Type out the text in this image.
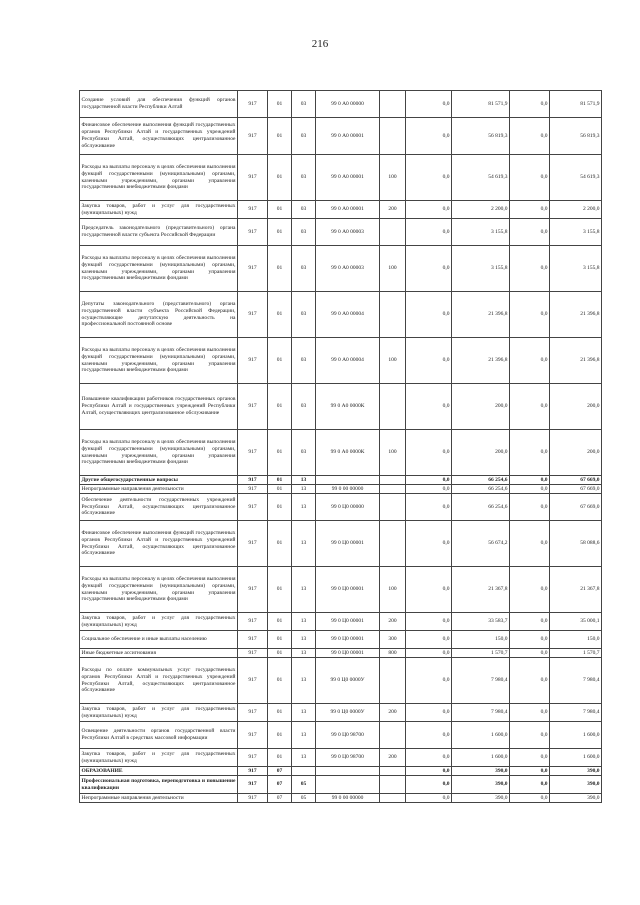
216
Создание условий для обеспечения функций органов государственной власти Республики Алтай	917	01	03	99 0 А0 00000		0,0	81 571,9	0,0	81 571,9
Финансовое обеспечение выполнения функций государственных органов Республики Алтай и государственных учреждений Республики Алтай, осуществляющих централизованное обслуживание	917	01	03	99 0 А0 00001		0,0	56 819,3	0,0	56 819,3
Расходы на выплаты персоналу в целях обеспечения выполнения функций государственными (муниципальными) органами, казенными учреждениями, органами управления государственными внебюджетными фондами	917	01	03	99 0 А0 00001	100	0,0	54 619,3	0,0	54 619,3
Закупка товаров, работ и услуг для государственных (муниципальных) нужд	917	01	03	99 0 А0 00001	200	0,0	2 200,0	0,0	2 200,0
Председатель законодательного (представительного) органа государственной власти субъекта Российской Федерации	917	01	03	99 0 А0 00003		0,0	3 155,8	0,0	3 155,8
Расходы на выплаты персоналу в целях обеспечения выполнения функций государственными (муниципальными) органами, казенными учреждениями, органами управления государственными внебюджетными фондами	917	01	03	99 0 А0 00003	100	0,0	3 155,8	0,0	3 155,8
Депутаты законодательного (представительного) органа государственной власти субъекта Российской Федерации, осуществляющие депутатскую деятельность на профессиональной постоянной основе	917	01	03	99 0 А0 00004		0,0	21 396,8	0,0	21 396,8
Расходы на выплаты персоналу в целях обеспечения выполнения функций государственными (муниципальными) органами, казенными учреждениями, органами управления государственными внебюджетными фондами	917	01	03	99 0 А0 00004	100	0,0	21 396,8	0,0	21 396,8
Повышение квалификации работников государственных органов Республики Алтай и государственных учреждений Республики Алтай, осуществляющих централизованное обслуживание	917	01	03	99 0 А0 0000К		0,0	200,0	0,0	200,0
Расходы на выплаты персоналу в целях обеспечения выполнения функций государственными (муниципальными) органами, казенными учреждениями, органами управления государственными внебюджетными фондами	917	01	03	99 0 А0 0000К	100	0,0	200,0	0,0	200,0
Другие общегосударственные вопросы	917	01	13			0,0	66 254,6	0,0	67 669,0
Непрограммные направления деятельности	917	01	13	99 0 00 00000		0,0	66 254,6	0,0	67 669,0
Обеспечение деятельности государственных учреждений Республики Алтай, осуществляющих централизованное обслуживание	917	01	13	99 0 Ц0 00000		0,0	66 254,6	0,0	67 669,0
Финансовое обеспечение выполнения функций государственных органов Республики Алтай и государственных учреждений Республики Алтай, осуществляющих централизованное обслуживание	917	01	13	99 0 Ц0 00001		0,0	56 674,2	0,0	58 088,6
Расходы на выплаты персоналу в целях обеспечения выполнения функций государственными (муниципальными) органами, казенными учреждениями, органами управления государственными внебюджетными фондами	917	01	13	99 0 Ц0 00001	100	0,0	21 367,8	0,0	21 367,8
Закупка товаров, работ и услуг для государственных (муниципальных) нужд	917	01	13	99 0 Ц0 00001	200	0,0	33 583,7	0,0	35 000,1
Социальное обеспечение и иные выплаты населению	917	01	13	99 0 Ц0 00001	300	0,0	150,0	0,0	150,0
Иные бюджетные ассигнования	917	01	13	99 0 Ц0 00001	800	0,0	1 570,7	0,0	1 570,7
Расходы по оплате коммунальных услуг государственных органов Республики Алтай и государственных учреждений Республики Алтай, осуществляющих централизованное обслуживание	917	01	13	99 0 Ц0 0000У		0,0	7 980,4	0,0	7 980,4
Закупка товаров, работ и услуг для государственных (муниципальных) нужд	917	01	13	99 0 Ц0 0000У	200	0,0	7 980,4	0,0	7 980,4
Освещение деятельности органов государственной власти Республики Алтай в средствах массовой информации	917	01	13	99 0 Ц0 98700		0,0	1 600,0	0,0	1 600,0
Закупка товаров, работ и услуг для государственных (муниципальных) нужд	917	01	13	99 0 Ц0 98700	200	0,0	1 600,0	0,0	1 600,0
ОБРАЗОВАНИЕ	917	07				0,0	390,0	0,0	390,0
Профессиональная подготовка, переподготовка и повышение квалификации	917	07	05			0,0	390,0	0,0	390,0
Непрограммные направления деятельности	917	07	05	99 0 00 00000		0,0	390,0	0,0	390,0
